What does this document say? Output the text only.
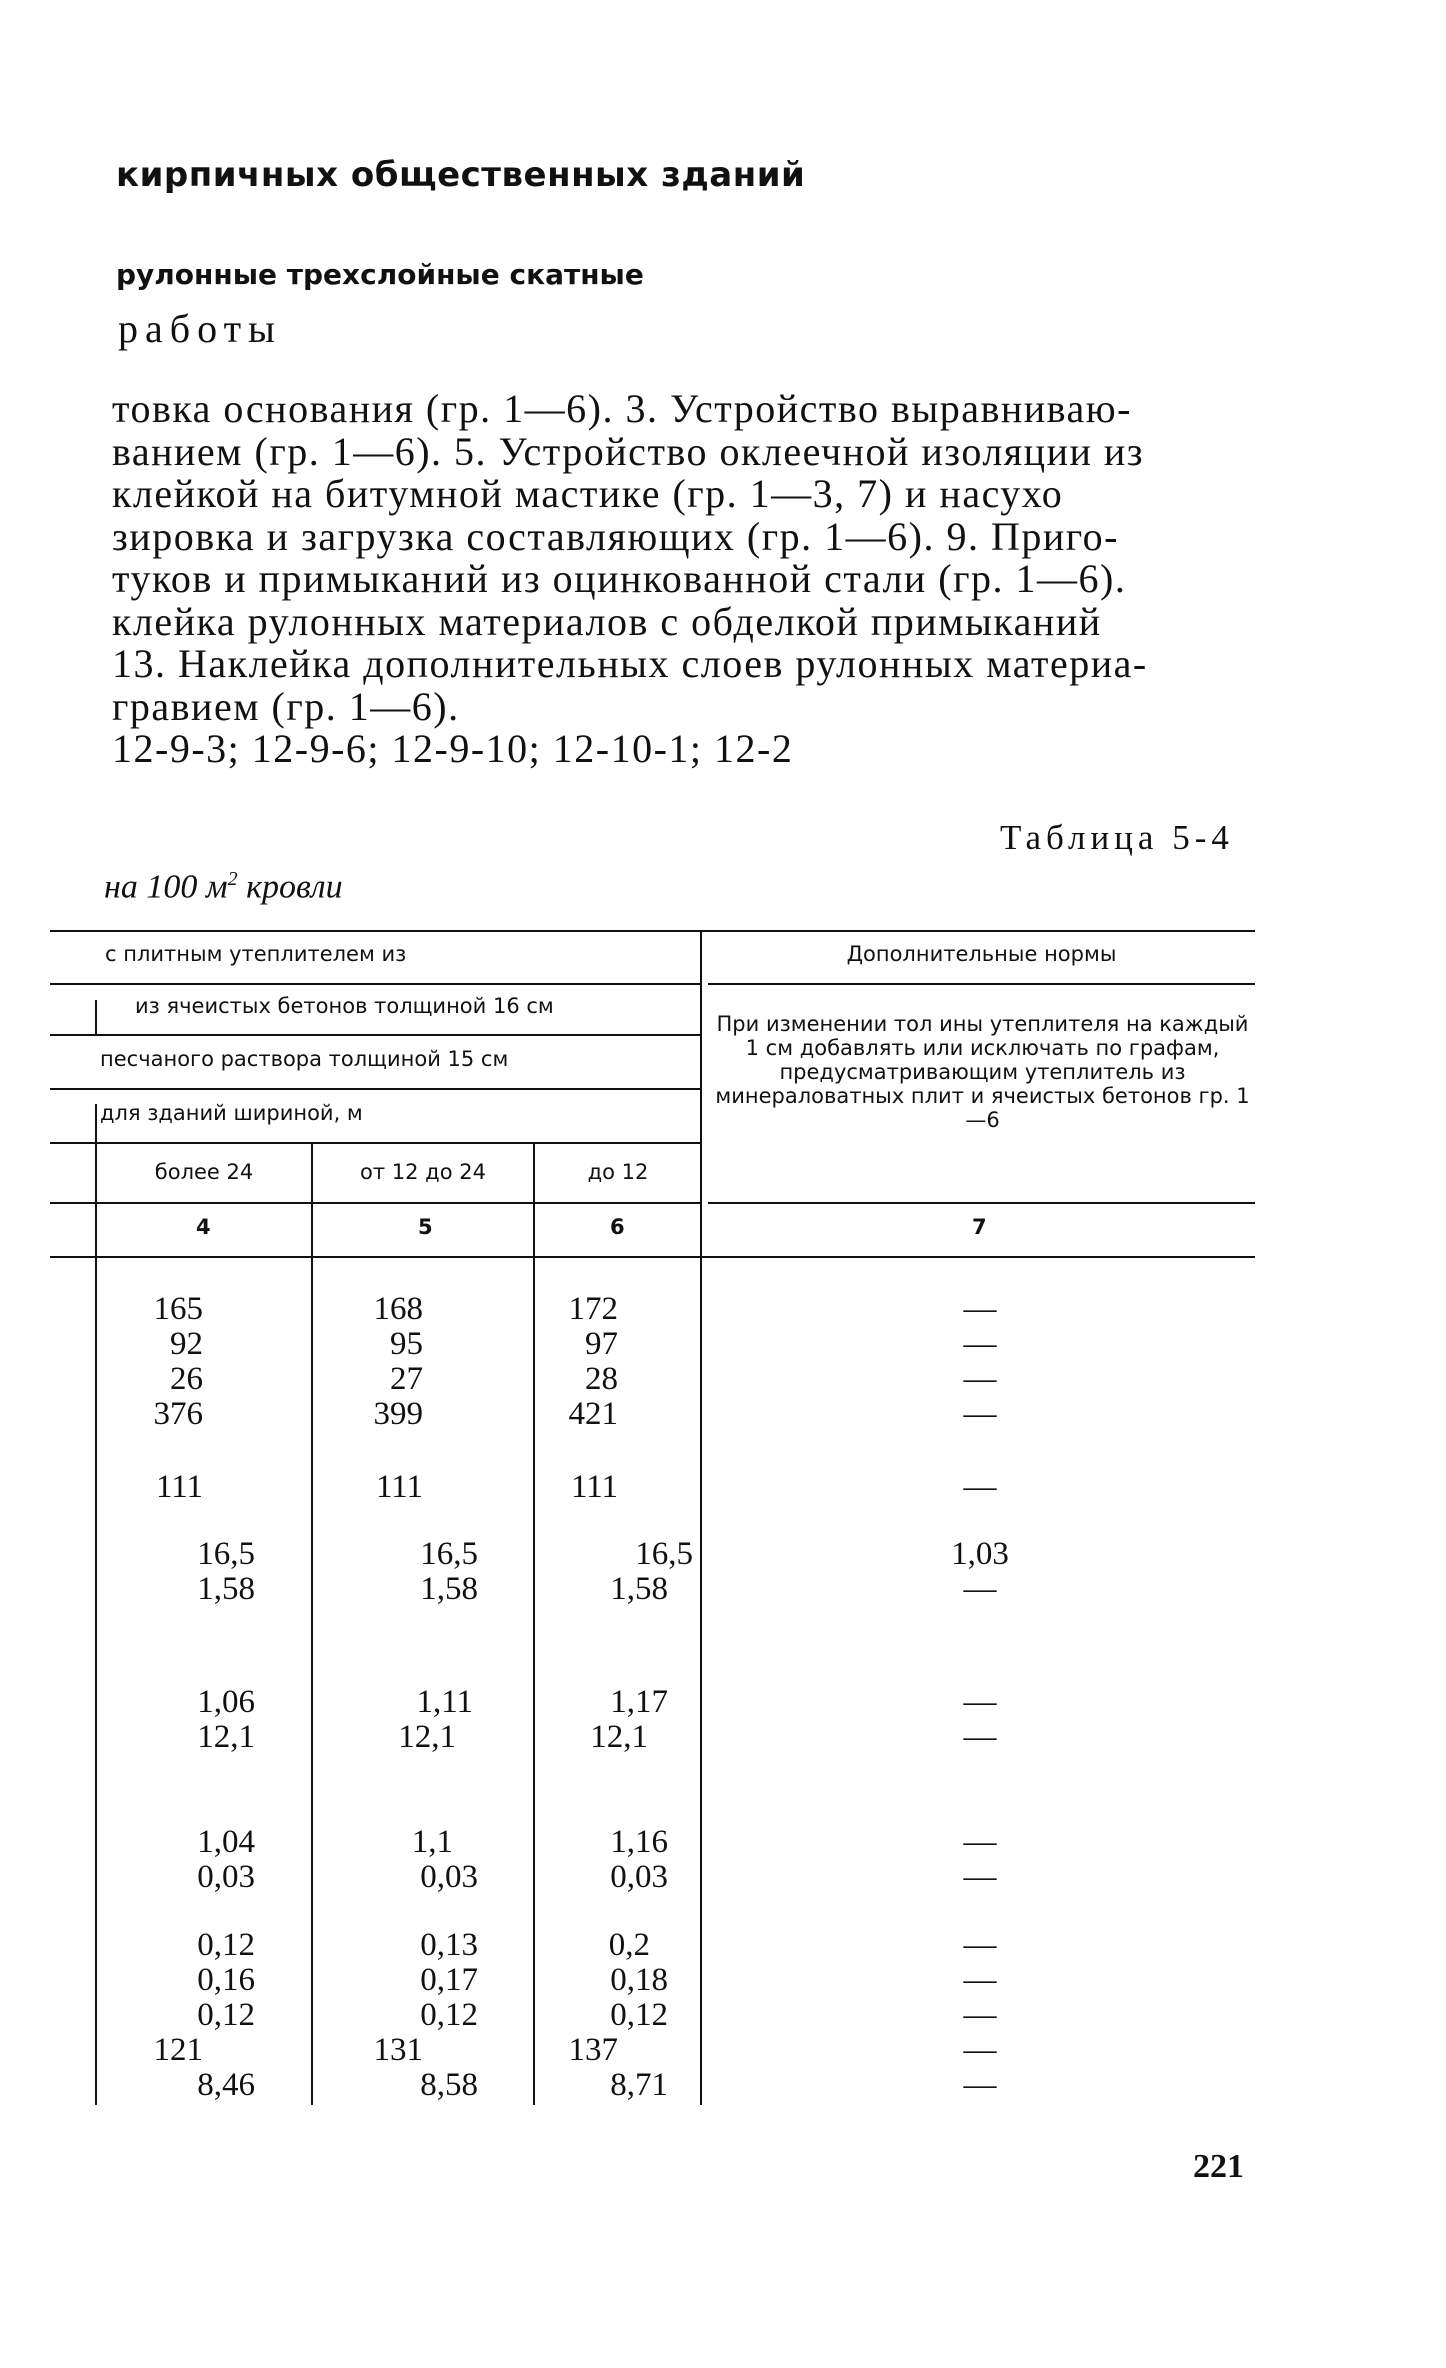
кирпичных общественных зданий
рулонные трехслойные скатные
работы
товка основания (гр. 1—6). 3. Устройство выравниваю-
ванием (гр. 1—6). 5. Устройство оклеечной изоляции из
клейкой на битумной мастике (гр. 1—3, 7) и насухо
зировка и загрузка составляющих (гр. 1—6). 9. Приго-
туков и примыканий из оцинкованной стали (гр. 1—6).
клейка рулонных материалов с обделкой примыканий
13. Наклейка дополнительных слоев рулонных материа-
гравием (гр. 1—6).
12-9-3; 12-9-6; 12-9-10; 12-10-1; 12-2
Таблица 5-4
на 100 $м^2$ кровли
с плитным утеплителем из
из ячеистых бетонов толщиной 16 см
песчаного раствора толщиной 15 см
для зданий шириной, м
более 24	от 12 до 24	до 12
Дополнительные нормы
При изменении тол ины утеплителя на каждый 1 см добавлять или исключать по графам, предусматривающим утеплитель из минераловатных плит и ячеистых бетонов гр. 1—6
4	5	6	7
165	168	172	—
92	95	97	—
26	27	28	—
376	399	421	—
111	111	111	—
16,5	16,5	16,5	1,03
1,58	1,58	1,58	—
1,06	1,11	1,17	—
12,1	12,1	12,1	—
1,04	1,1	1,16	—
0,03	0,03	0,03	—
0,12	0,13	0,2	—
0,16	0,17	0,18	—
0,12	0,12	0,12	—
121	131	137	—
8,46	8,58	8,71	—
221
